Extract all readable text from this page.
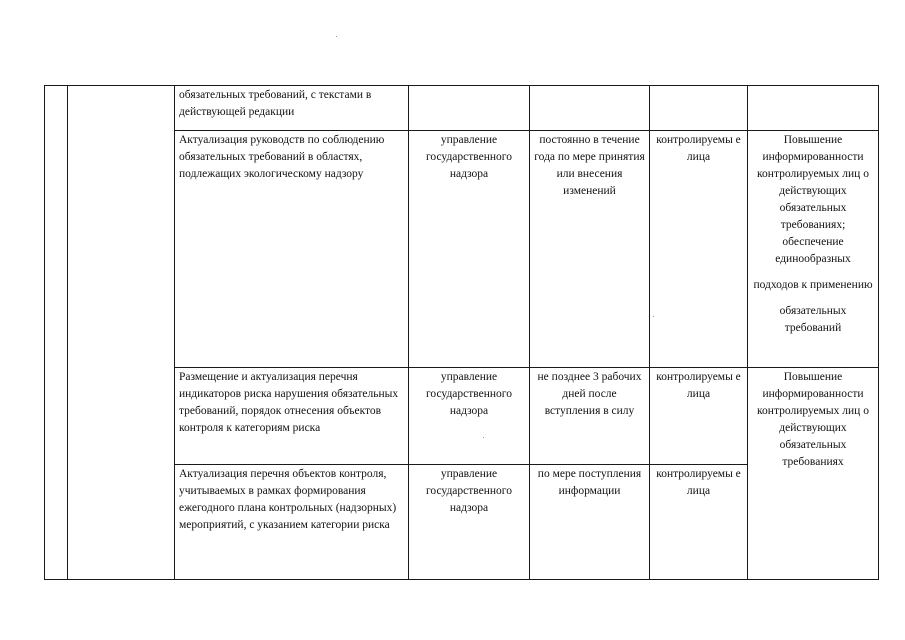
		обязательных требований, с текстами в действующей редакции				
		Актуализация руководств по соблюдению обязательных требований в областях, подлежащих экологическому надзору	управление государственного надзора	постоянно в течение года по мере принятия или внесения изменений	контролируемы е лица	Повышение информированности контролируемых лиц о действующих обязательных требованиях; обеспечение единообразных
подходов к применению
обязательных требований

		Размещение и актуализация перечня индикаторов риска нарушения обязательных требований, порядок отнесения объектов контроля к категориям риска	управление государственного надзора	не позднее 3 рабочих дней после вступления в силу	контролируемы е лица	Повышение информированности контролируемых лиц о действующих обязательных требованиях
		Актуализация перечня объектов контроля, учитываемых в рамках формирования ежегодного плана контрольных (надзорных) мероприятий, с указанием категории риска	управление государственного надзора	по мере поступления информации	контролируемы е лица	
